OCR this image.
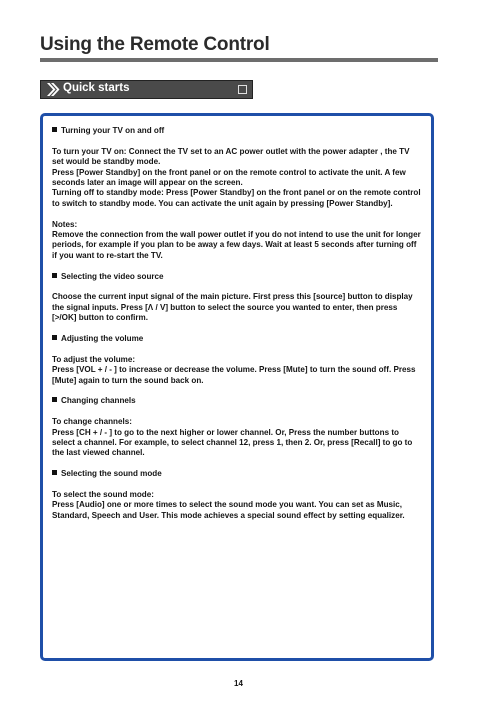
Using the Remote Control
Quick starts

Turning your TV on and off

To turn your TV on: Connect the TV set to an AC power outlet with the power adapter , the TV set would be standby mode.
Press [Power Standby] on the front panel or on the remote control to activate the unit. A few seconds later an image will appear on the screen.
Turning off to standby mode: Press [Power Standby] on the front panel or on the remote control to switch to standby mode. You can activate the unit again by pressing [Power Standby].

Notes:
Remove the connection from the wall power outlet if you do not intend to use the unit for longer periods, for example if you plan to be away a few days. Wait at least 5 seconds after turning off if you want to re-start the TV.

Selecting the video source

Choose the current input signal of the main picture. First press this [source] button to display the signal inputs. Press [Λ / V] button to select the source you wanted to enter, then press [>/OK] button to confirm.

Adjusting the volume

To adjust the volume:
Press [VOL + / - ] to increase or decrease the volume. Press [Mute] to turn the sound off. Press [Mute] again to turn the sound back on.

Changing channels

To change channels:
Press [CH + / - ] to go to the next higher or lower channel. Or, Press the number buttons to select a channel. For example, to select channel 12, press 1, then 2. Or, press [Recall] to go to the last viewed channel.

Selecting the sound mode

To select the sound mode:
Press [Audio] one or more times to select the sound mode you want. You can set as Music, Standard, Speech and User. This mode achieves a special sound effect by setting equalizer.

14
